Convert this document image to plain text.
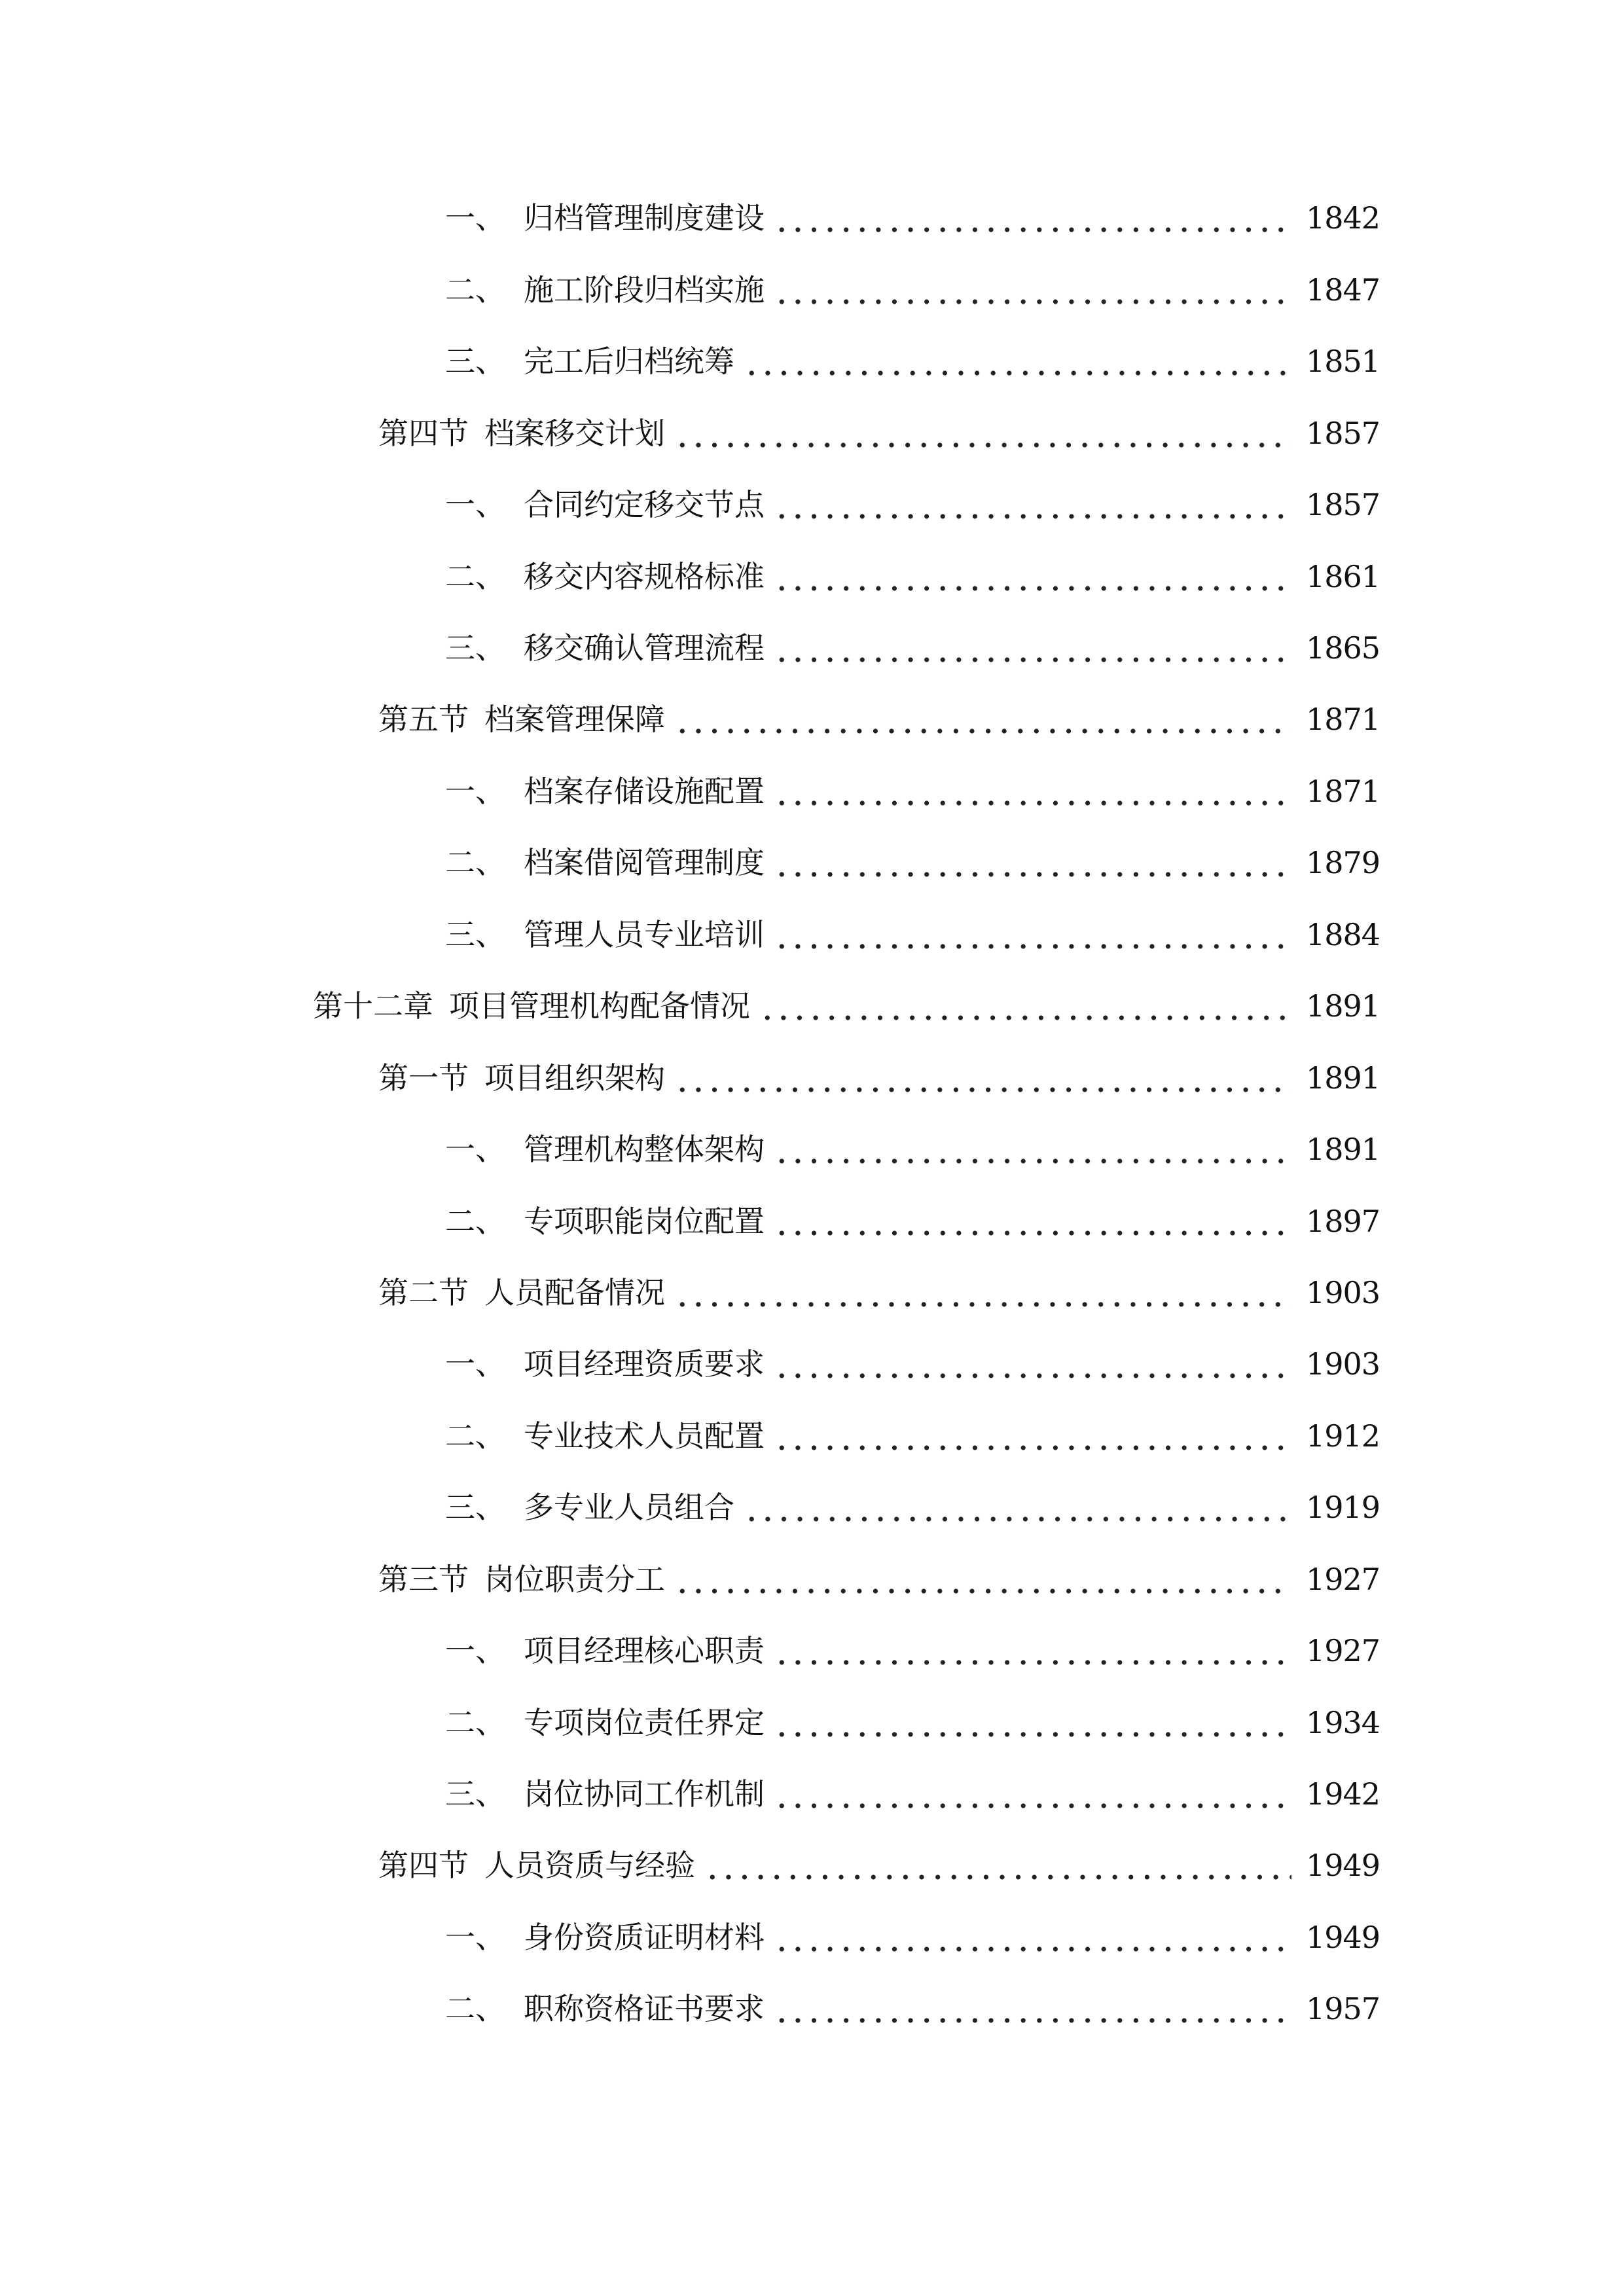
一、 归档管理制度建设	1842
二、 施工阶段归档实施	1847
三、 完工后归档统筹	1851
第四节 档案移交计划	1857
一、 合同约定移交节点	1857
二、 移交内容规格标准	1861
三、 移交确认管理流程	1865
第五节 档案管理保障	1871
一、 档案存储设施配置	1871
二、 档案借阅管理制度	1879
三、 管理人员专业培训	1884
第十二章 项目管理机构配备情况	1891
第一节 项目组织架构	1891
一、 管理机构整体架构	1891
二、 专项职能岗位配置	1897
第二节 人员配备情况	1903
一、 项目经理资质要求	1903
二、 专业技术人员配置	1912
三、 多专业人员组合	1919
第三节 岗位职责分工	1927
一、 项目经理核心职责	1927
二、 专项岗位责任界定	1934
三、 岗位协同工作机制	1942
第四节 人员资质与经验	1949
一、 身份资质证明材料	1949
二、 职称资格证书要求	1957
